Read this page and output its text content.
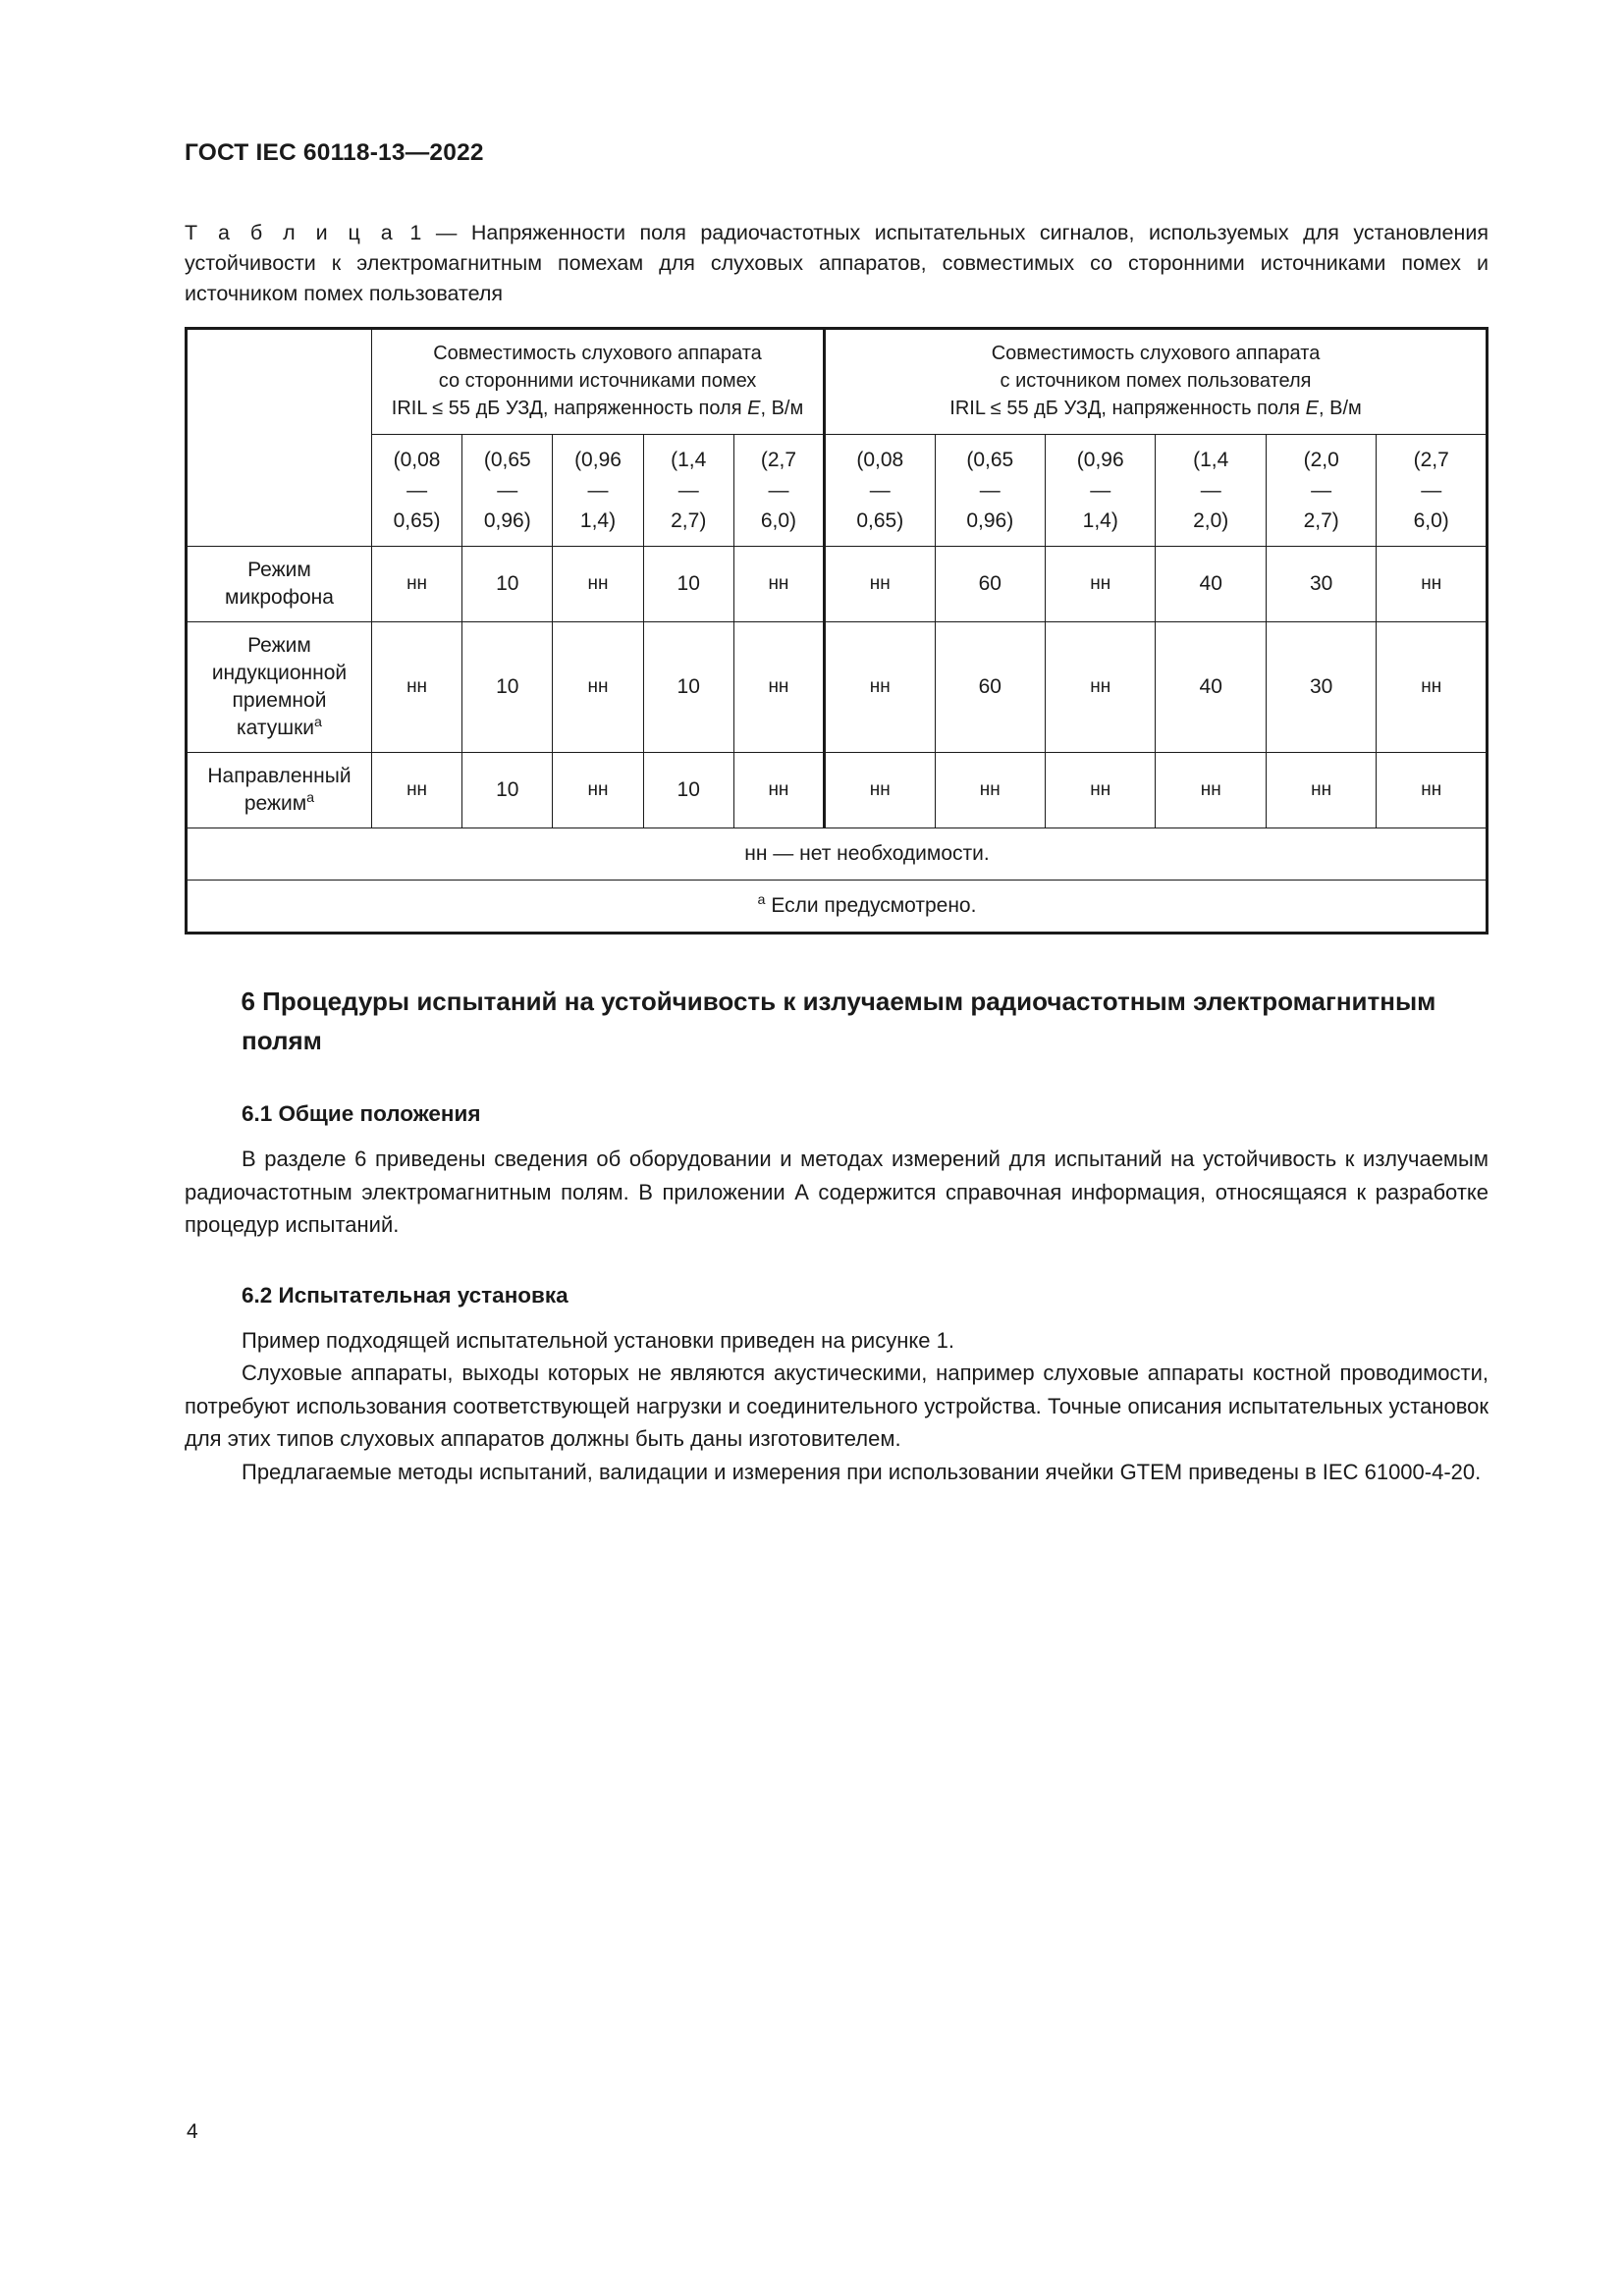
ГОСТ IEC 60118-13—2022
Т а б л и ц а 1 — Напряженности поля радиочастотных испытательных сигналов, используемых для установления устойчивости к электромагнитным помехам для слуховых аппаратов, совместимых со сторонними источниками помех и источником помех пользователя

	Совместимость слухового аппарата
со сторонними источниками помех
IRIL ≤ 55 дБ УЗД, напряженность поля E, В/м					Совместимость слухового аппарата
с источником помех пользователя
IRIL ≤ 55 дБ УЗД, напряженность поля E, В/м					

	(0,08
—
0,65)	(0,65
—
0,96)	(0,96
—
1,4)	(1,4
—
2,7)	(2,7
—
6,0)	(0,08
—
0,65)	(0,65
—
0,96)	(0,96
—
1,4)	(1,4
—
2,0)	(2,0
—
2,7)	(2,7
—
6,0)

Режим
микрофона	нн	10	нн	10	нн	нн	60	нн	40	30	нн

Режим
индукционной
приемной
катушки$^a$	нн	10	нн	10	нн	нн	60	нн	40	30	нн

Направленный
режим$^a$	нн	10	нн	10	нн	нн	нн	нн	нн	нн	нн
нн — нет необходимости.											
$^a$ Если предусмотрено.											
6 Процедуры испытаний на устойчивость к излучаемым радиочастотным электромагнитным полям
6.1 Общие положения

В разделе 6 приведены сведения об оборудовании и методах измерений для испытаний на устойчивость к излучаемым радиочастотным электромагнитным полям. В приложении А содержится справочная информация, относящаяся к разработке процедур испытаний.

6.2 Испытательная установка

Пример подходящей испытательной установки приведен на рисунке 1.

Слуховые аппараты, выходы которых не являются акустическими, например слуховые аппараты костной проводимости, потребуют использования соответствующей нагрузки и соединительного устройства. Точные описания испытательных установок для этих типов слуховых аппаратов должны быть даны изготовителем.

Предлагаемые методы испытаний, валидации и измерения при использовании ячейки GTEM приведены в IEC 61000-4-20.

4
